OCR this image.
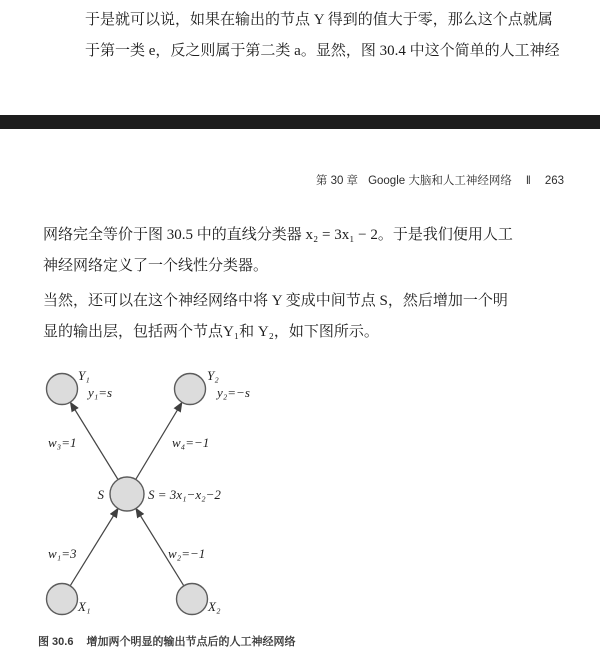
于是就可以说，如果在输出的节点 Y 得到的值大于零，那么这个点就属
于第一类 e，反之则属于第二类 a。显然，图 30.4 中这个简单的人工神经
第 30 章 Google 大脑和人工神经网络 ‖ 263
网络完全等价于图 30.5 中的直线分类器 x₂ = 3x₁ − 2。于是我们便用人工
神经网络定义了一个线性分类器。
当然，还可以在这个神经网络中将 Y 变成中间节点 S，然后增加一个明
显的输出层，包括两个节点Y₁和 Y₂，如下图所示。
Y₁
y₁=s
Y₂
y₂=−s
S	S = 3x₁−x₂−2
X₁	X₂
w₃=1	w₄=−1
w₁=3	w₂=−1
图 30.6 增加两个明显的输出节点后的人工神经网络
